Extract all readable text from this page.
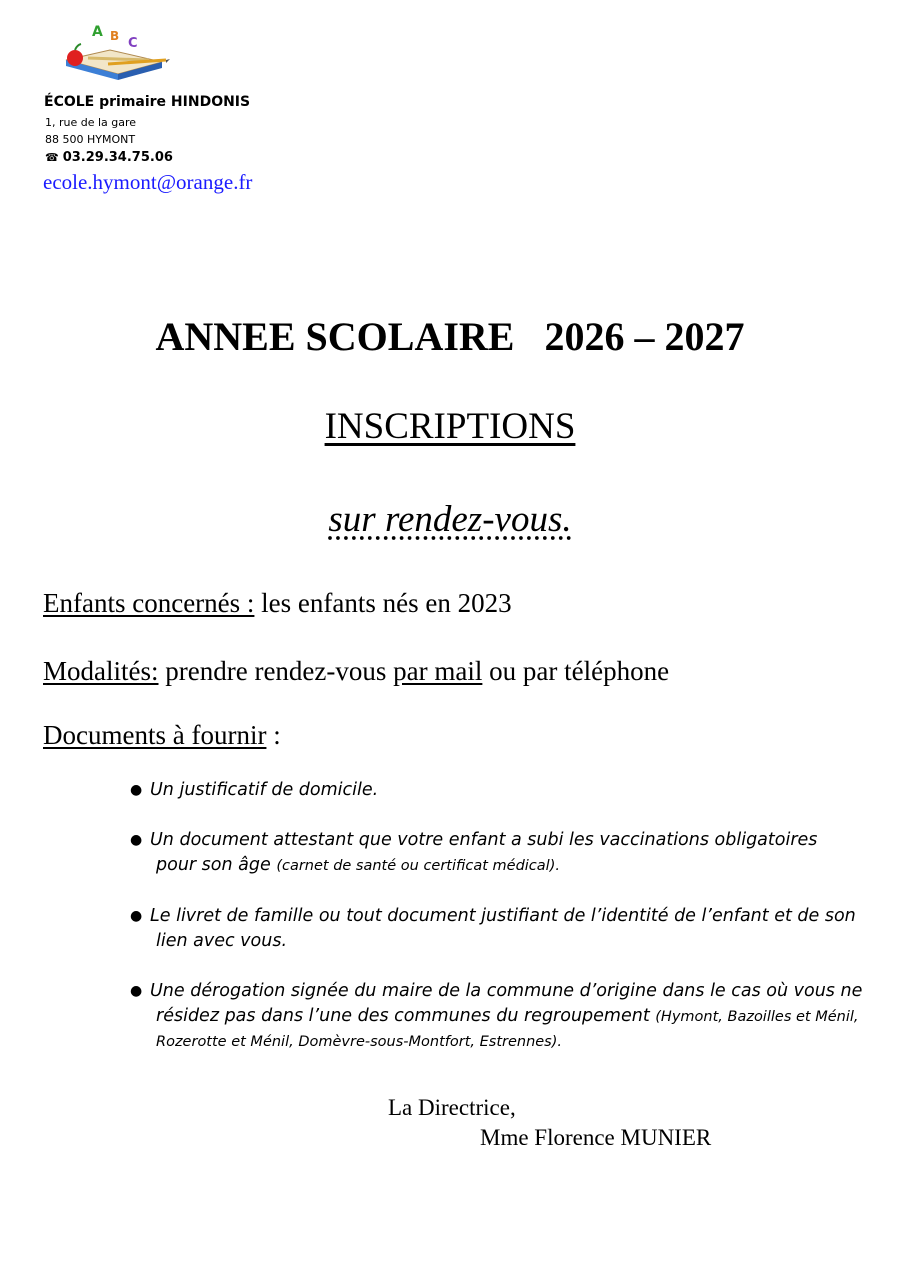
A B C
ÉCOLE primaire HINDONIS
1, rue de la gare
88 500 HYMONT
☎ 03.29.34.75.06
ecole.hymont@orange.fr
ANNEE SCOLAIRE   2026 – 2027
INSCRIPTIONS
sur rendez-vous.
Enfants concernés : les enfants nés en 2023
Modalités: prendre rendez-vous par mail ou par téléphone
Documents à fournir :
● Un justificatif de domicile.
● Un document attestant que votre enfant a subi les vaccinations obligatoires
pour son âge (carnet de santé ou certificat médical).
● Le livret de famille ou tout document justifiant de l’identité de l’enfant et de son
lien avec vous.
● Une dérogation signée du maire de la commune d’origine dans le cas où vous ne
résidez pas dans l’une des communes du regroupement (Hymont, Bazoilles et Ménil,
Rozerotte et Ménil, Domèvre-sous-Montfort, Estrennes).
La Directrice,
Mme Florence MUNIER
